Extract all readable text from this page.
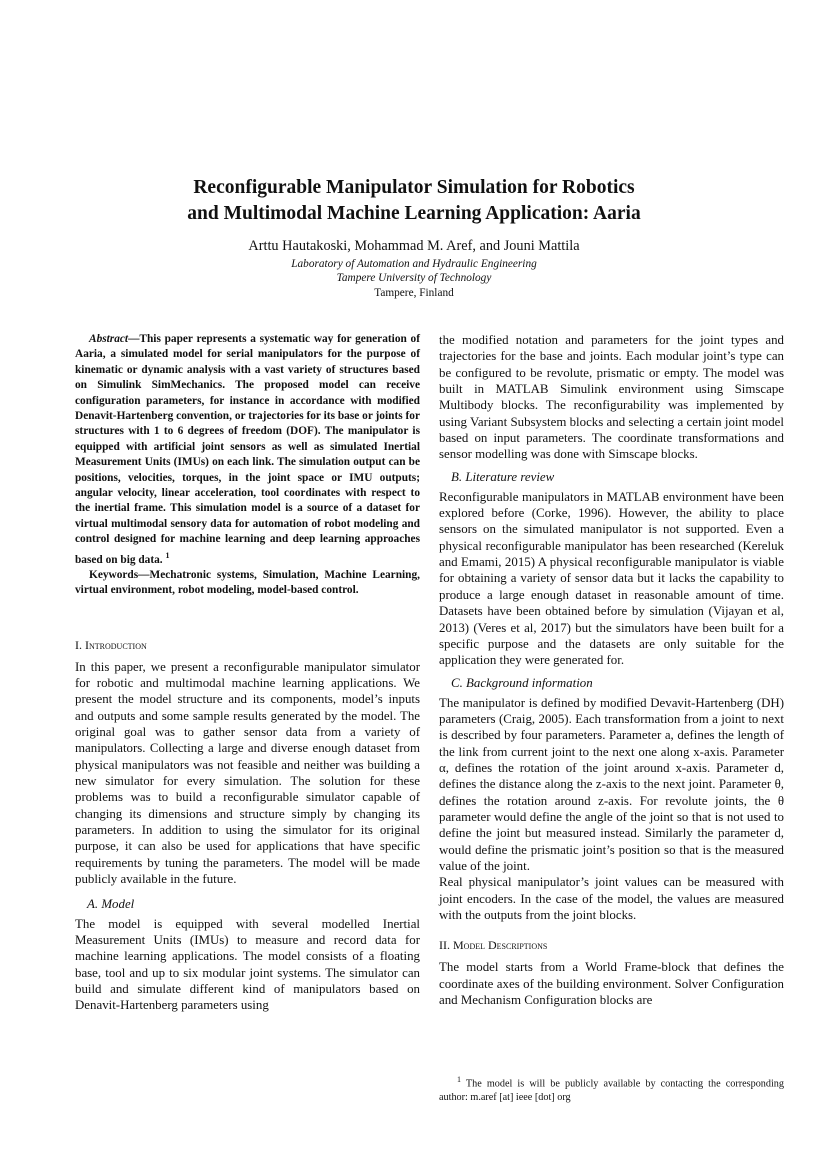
Reconfigurable Manipulator Simulation for Robotics
and Multimodal Machine Learning Application: Aaria
Arttu Hautakoski, Mohammad M. Aref, and Jouni Mattila
Laboratory of Automation and Hydraulic Engineering
Tampere University of Technology
Tampere, Finland

Abstract—This paper represents a systematic way for generation of Aaria, a simulated model for serial manipulators for the purpose of kinematic or dynamic analysis with a vast variety of structures based on Simulink SimMechanics. The proposed model can receive configuration parameters, for instance in accordance with modified Denavit-Hartenberg convention, or trajectories for its base or joints for structures with 1 to 6 degrees of freedom (DOF). The manipulator is equipped with artificial joint sensors as well as simulated Inertial Measurement Units (IMUs) on each link. The simulation output can be positions, velocities, torques, in the joint space or IMU outputs; angular velocity, linear acceleration, tool coordinates with respect to the inertial frame. This simulation model is a source of a dataset for virtual multimodal sensory data for automation of robot modeling and control designed for machine learning and deep learning approaches based on big data. $^1$

Keywords—Mechatronic systems, Simulation, Machine Learning, virtual environment, robot modeling, model-based control.

I. Introduction

In this paper, we present a reconfigurable manipulator simulator for robotic and multimodal machine learning applications. We present the model structure and its components, model’s inputs and outputs and some sample results generated by the model. The original goal was to gather sensor data from a variety of manipulators. Collecting a large and diverse enough dataset from physical manipulators was not feasible and neither was building a new simulator for every simulation. The solution for these problems was to build a reconfigurable simulator capable of changing its dimensions and structure simply by changing its parameters. In addition to using the simulator for its original purpose, it can also be used for applications that have specific requirements by tuning the parameters. The model will be made publicly available in the future.

A. Model

The model is equipped with several modelled Inertial Measurement Units (IMUs) to measure and record data for machine learning applications. The model consists of a floating base, tool and up to six modular joint systems. The simulator can build and simulate different kind of manipulators based on Denavit-Hartenberg parameters using

the modified notation and parameters for the joint types and trajectories for the base and joints. Each modular joint’s type can be configured to be revolute, prismatic or empty. The model was built in MATLAB Simulink environment using Simscape Multibody blocks. The reconfigurability was implemented by using Variant Subsystem blocks and selecting a certain joint model based on input parameters. The coordinate transformations and sensor modelling was done with Simscape blocks.

B. Literature review

Reconfigurable manipulators in MATLAB environment have been explored before (Corke, 1996). However, the ability to place sensors on the simulated manipulator is not supported. Even a physical reconfigurable manipulator has been researched (Kereluk and Emami, 2015) A physical reconfigurable manipulator is viable for obtaining a variety of sensor data but it lacks the capability to produce a large enough dataset in reasonable amount of time. Datasets have been obtained before by simulation (Vijayan et al, 2013) (Veres et al, 2017) but the simulators have been built for a specific purpose and the datasets are only suitable for the application they were generated for.

C. Background information

The manipulator is defined by modified Devavit-Hartenberg (DH) parameters (Craig, 2005). Each transformation from a joint to next is described by four parameters. Parameter a, defines the length of the link from current joint to the next one along x-axis. Parameter α, defines the rotation of the joint around x-axis. Parameter d, defines the distance along the z-axis to the next joint. Parameter θ, defines the rotation around z-axis. For revolute joints, the θ parameter would define the angle of the joint so that is not used to define the joint but measured instead. Similarly the parameter d, would define the prismatic joint’s position so that is the measured value of the joint.

Real physical manipulator’s joint values can be measured with joint encoders. In the case of the model, the values are measured with the outputs from the joint blocks.

II. Model Descriptions

The model starts from a World Frame-block that defines the coordinate axes of the building environment. Solver Configuration and Mechanism Configuration blocks are

$^1$ The model is will be publicly available by contacting the corresponding author: m.aref [at] ieee [dot] org
